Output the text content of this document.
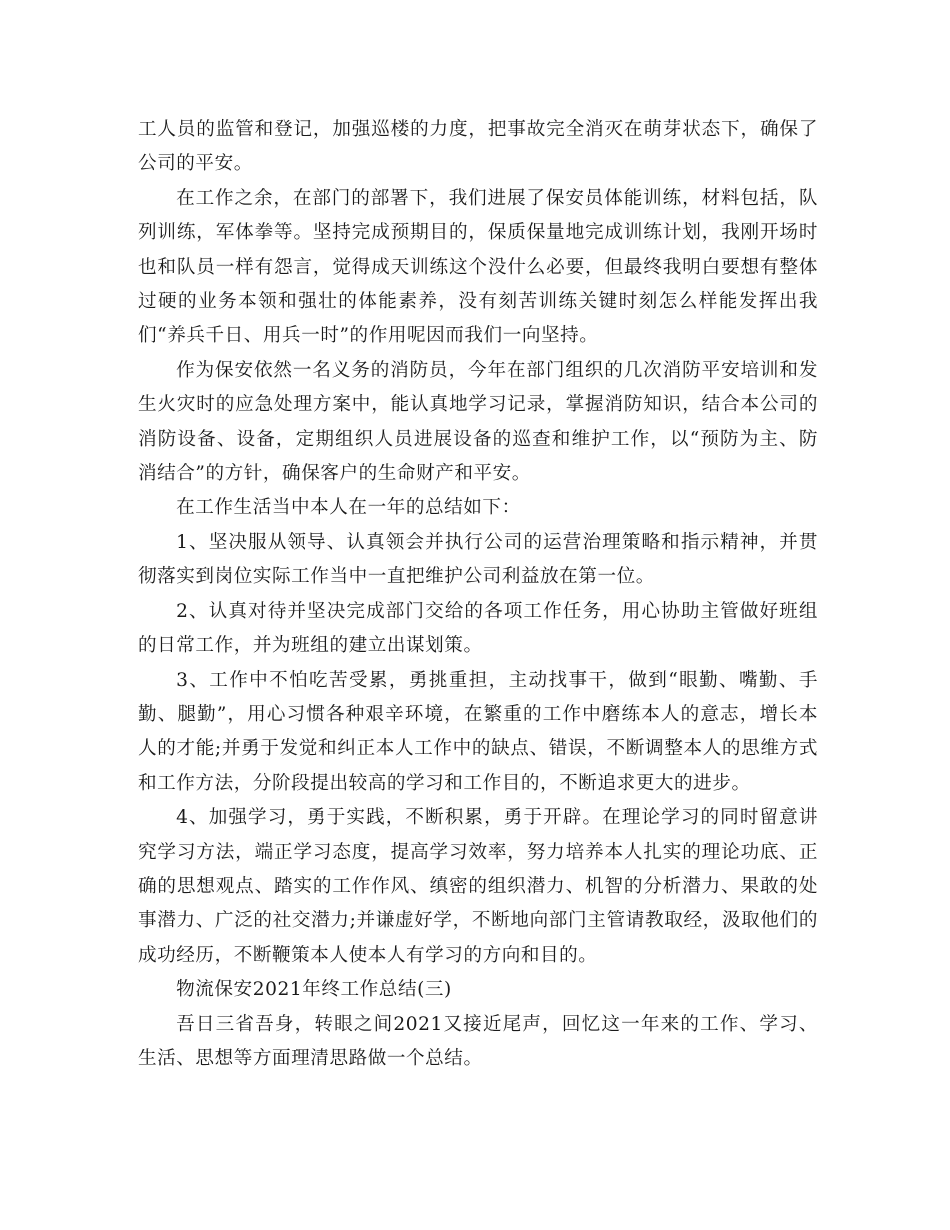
工人员的监管和登记，加强巡楼的力度，把事故完全消灭在萌芽状态下，确保了公司的平安。

在工作之余，在部门的部署下，我们进展了保安员体能训练，材料包括，队列训练，军体拳等。坚持完成预期目的，保质保量地完成训练计划，我刚开场时也和队员一样有怨言，觉得成天训练这个没什么必要，但最终我明白要想有整体过硬的业务本领和强壮的体能素养，没有刻苦训练关键时刻怎么样能发挥出我们“养兵千日、用兵一时”的作用呢因而我们一向坚持。

作为保安依然一名义务的消防员，今年在部门组织的几次消防平安培训和发生火灾时的应急处理方案中，能认真地学习记录，掌握消防知识，结合本公司的消防设备、设备，定期组织人员进展设备的巡查和维护工作，以“预防为主、防消结合”的方针，确保客户的生命财产和平安。

在工作生活当中本人在一年的总结如下：

1、坚决服从领导、认真领会并执行公司的运营治理策略和指示精神，并贯彻落实到岗位实际工作当中一直把维护公司利益放在第一位。

2、认真对待并坚决完成部门交给的各项工作任务，用心协助主管做好班组的日常工作，并为班组的建立出谋划策。

3、工作中不怕吃苦受累，勇挑重担，主动找事干，做到“眼勤、嘴勤、手勤、腿勤”，用心习惯各种艰辛环境，在繁重的工作中磨练本人的意志，增长本人的才能;并勇于发觉和纠正本人工作中的缺点、错误，不断调整本人的思维方式和工作方法，分阶段提出较高的学习和工作目的，不断追求更大的进步。

4、加强学习，勇于实践，不断积累，勇于开辟。在理论学习的同时留意讲究学习方法，端正学习态度，提高学习效率，努力培养本人扎实的理论功底、正确的思想观点、踏实的工作作风、缜密的组织潜力、机智的分析潜力、果敢的处事潜力、广泛的社交潜力;并谦虚好学，不断地向部门主管请教取经，汲取他们的成功经历，不断鞭策本人使本人有学习的方向和目的。

物流保安2021年终工作总结(三)

吾日三省吾身，转眼之间2021又接近尾声，回忆这一年来的工作、学习、生活、思想等方面理清思路做一个总结。
